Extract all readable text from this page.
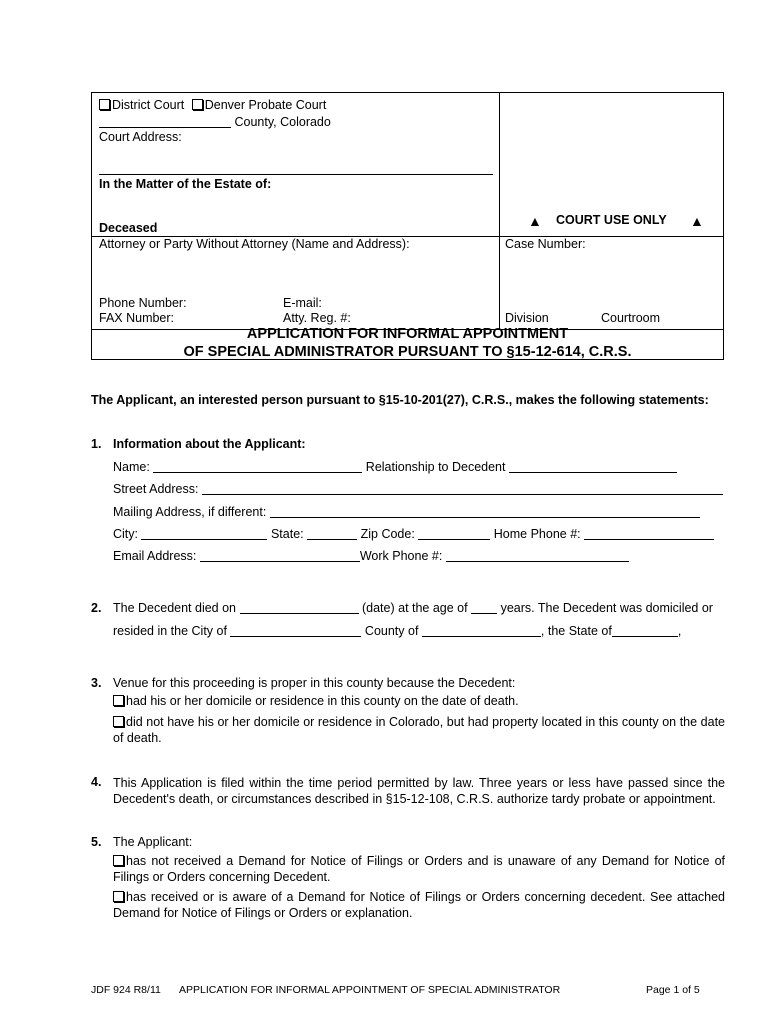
District Court Denver Probate Court
County, Colorado
Court Address:
In the Matter of the Estate of:
Deceased
Attorney or Party Without Attorney (Name and Address):
Phone Number:	E-mail:
FAX Number:	Atty. Reg. #:
▲ COURT USE ONLY ▲
Case Number:
Division	Courtroom
APPLICATION FOR INFORMAL APPOINTMENT
OF SPECIAL ADMINISTRATOR PURSUANT TO §15-12-614, C.R.S.
The Applicant, an interested person pursuant to §15-10-201(27), C.R.S., makes the following statements:
1. Information about the Applicant:
Name:	Relationship to Decedent
Street Address:
Mailing Address, if different:
City:	State:	Zip Code:	Home Phone #:
Email Address:	Work Phone #:
2. The Decedent died on	(date) at the age of	years. The Decedent was domiciled or
resided in the City of	County of	, the State of	,
3. Venue for this proceeding is proper in this county because the Decedent:
had his or her domicile or residence in this county on the date of death.
did not have his or her domicile or residence in Colorado, but had property located in this county on the date of death.
4. This Application is filed within the time period permitted by law. Three years or less have passed since the Decedent's death, or circumstances described in §15-12-108, C.R.S. authorize tardy probate or appointment.
5. The Applicant:
has not received a Demand for Notice of Filings or Orders and is unaware of any Demand for Notice of Filings or Orders concerning Decedent.
has received or is aware of a Demand for Notice of Filings or Orders concerning decedent. See attached Demand for Notice of Filings or Orders or explanation.
JDF 924 R8/11 APPLICATION FOR INFORMAL APPOINTMENT OF SPECIAL ADMINISTRATOR	Page 1 of 5
